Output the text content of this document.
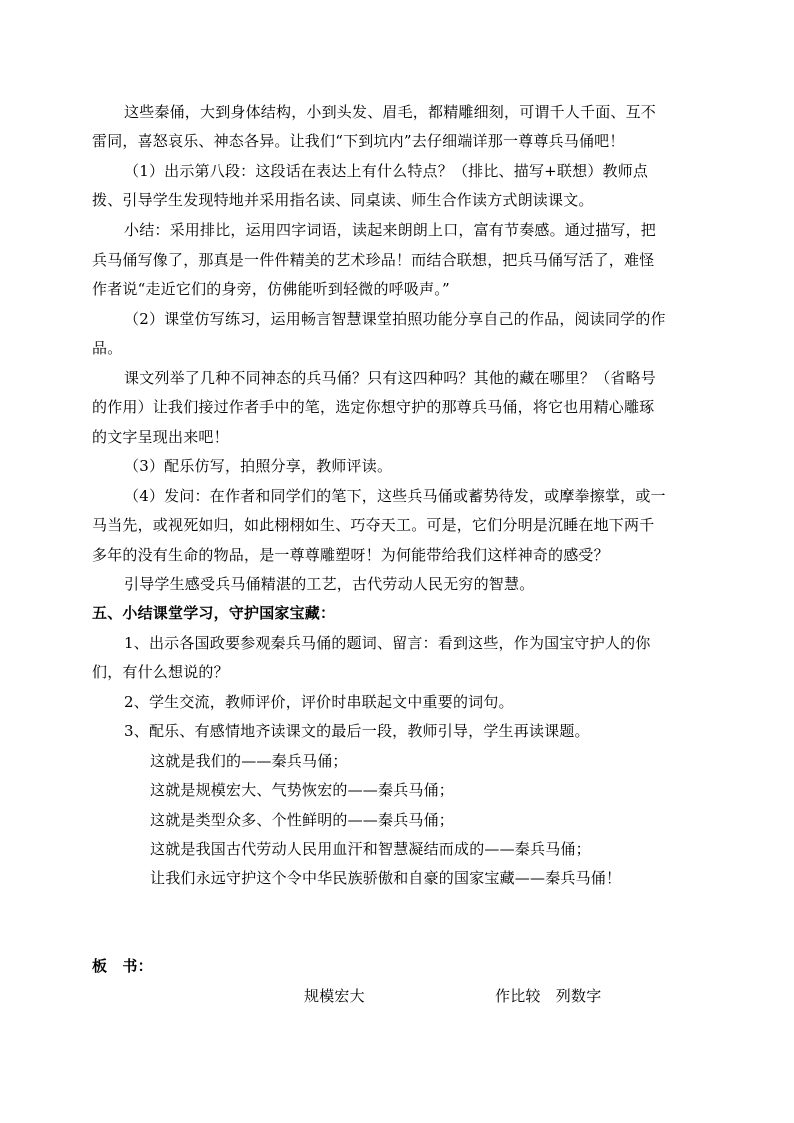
这些秦俑，大到身体结构，小到头发、眉毛，都精雕细刻，可谓千人千面、互不
雷同，喜怒哀乐、神态各异。让我们“下到坑内”去仔细端详那一尊尊兵马俑吧！
（1）出示第八段：这段话在表达上有什么特点？（排比、描写+联想）教师点
拨、引导学生发现特地并采用指名读、同桌读、师生合作读方式朗读课文。
小结：采用排比，运用四字词语，读起来朗朗上口，富有节奏感。通过描写，把
兵马俑写像了，那真是一件件精美的艺术珍品！而结合联想，把兵马俑写活了，难怪
作者说“走近它们的身旁，仿佛能听到轻微的呼吸声。”
（2）课堂仿写练习，运用畅言智慧课堂拍照功能分享自己的作品，阅读同学的作
品。
课文列举了几种不同神态的兵马俑？只有这四种吗？其他的藏在哪里？（省略号
的作用）让我们接过作者手中的笔，选定你想守护的那尊兵马俑，将它也用精心雕琢
的文字呈现出来吧！
（3）配乐仿写，拍照分享，教师评读。
（4）发问：在作者和同学们的笔下，这些兵马俑或蓄势待发，或摩拳擦掌，或一
马当先，或视死如归，如此栩栩如生、巧夺天工。可是，它们分明是沉睡在地下两千
多年的没有生命的物品，是一尊尊雕塑呀！为何能带给我们这样神奇的感受？
引导学生感受兵马俑精湛的工艺，古代劳动人民无穷的智慧。
五、小结课堂学习，守护国家宝藏：
1、出示各国政要参观秦兵马俑的题词、留言：看到这些，作为国宝守护人的你
们，有什么想说的？
2、学生交流，教师评价，评价时串联起文中重要的词句。
3、配乐、有感情地齐读课文的最后一段，教师引导，学生再读课题。
这就是我们的——秦兵马俑；
这就是规模宏大、气势恢宏的——秦兵马俑；
这就是类型众多、个性鲜明的——秦兵马俑；
这就是我国古代劳动人民用血汗和智慧凝结而成的——秦兵马俑；
让我们永远守护这个令中华民族骄傲和自豪的国家宝藏——秦兵马俑！
板　书：
规模宏大	作比较　列数字
